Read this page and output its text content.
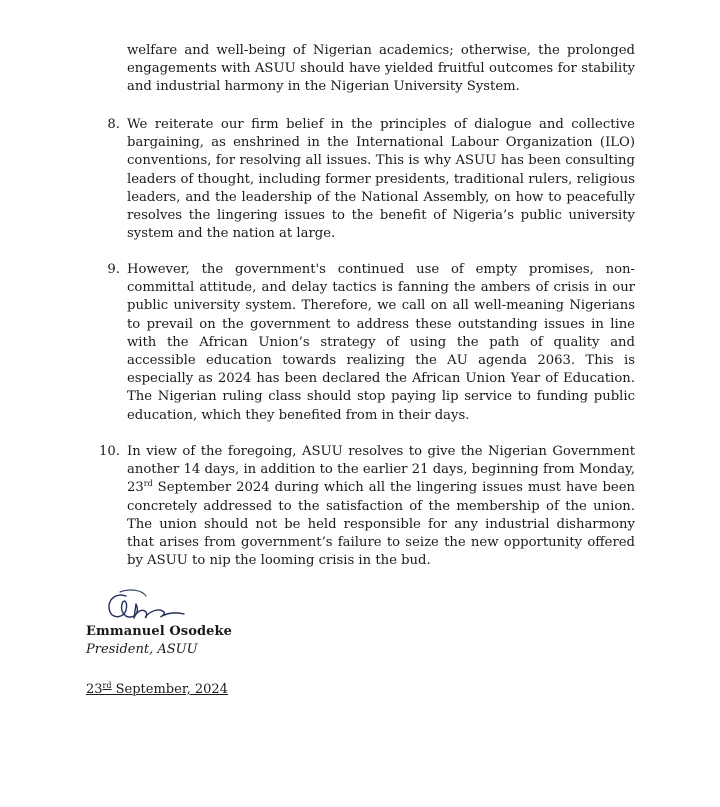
welfare and well-being of Nigerian academics; otherwise, the prolonged engagements with ASUU should have yielded fruitful outcomes for stability and industrial harmony in the Nigerian University System.

8. We reiterate our firm belief in the principles of dialogue and collective bargaining, as enshrined in the International Labour Organization (ILO) conventions, for resolving all issues. This is why ASUU has been consulting leaders of thought, including former presidents, traditional rulers, religious leaders, and the leadership of the National Assembly, on how to peacefully resolves the lingering issues to the benefit of Nigeria’s public university system and the nation at large.

9. However, the government's continued use of empty promises, non-committal attitude, and delay tactics is fanning the ambers of crisis in our public university system. Therefore, we call on all well-meaning Nigerians to prevail on the government to address these outstanding issues in line with the African Union’s strategy of using the path of quality and accessible education towards realizing the AU agenda 2063. This is especially as 2024 has been declared the African Union Year of Education. The Nigerian ruling class should stop paying lip service to funding public education, which they benefited from in their days.

10. In view of the foregoing, ASUU resolves to give the Nigerian Government another 14 days, in addition to the earlier 21 days, beginning from Monday, 23rd September 2024 during which all the lingering issues must have been concretely addressed to the satisfaction of the membership of the union. The union should not be held responsible for any industrial disharmony that arises from government’s failure to seize the new opportunity offered by ASUU to nip the looming crisis in the bud.

Emmanuel Osodeke
President, ASUU
23rd September, 2024
